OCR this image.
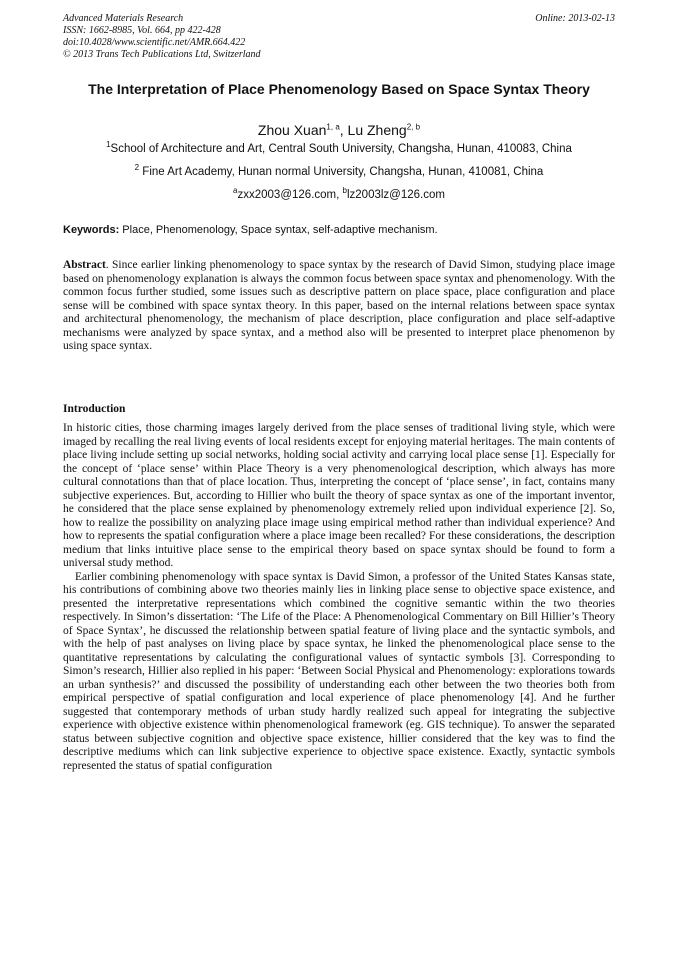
Advanced Materials Research
ISSN: 1662-8985, Vol. 664, pp 422-428
doi:10.4028/www.scientific.net/AMR.664.422
© 2013 Trans Tech Publications Ltd, Switzerland
Online: 2013-02-13
The Interpretation of Place Phenomenology Based on Space Syntax Theory
Zhou Xuan$^{1, a}$, Lu Zheng$^{2, b}$
$^1$School of Architecture and Art, Central South University, Changsha, Hunan, 410083, China
$^2$ Fine Art Academy, Hunan normal University, Changsha, Hunan, 410081, China
$^a$zxx2003@126.com, $^b$lz2003lz@126.com
Keywords: Place, Phenomenology, Space syntax, self-adaptive mechanism.

Abstract. Since earlier linking phenomenology to space syntax by the research of David Simon, studying place image based on phenomenology explanation is always the common focus between space syntax and phenomenology. With the common focus further studied, some issues such as descriptive pattern on place space, place configuration and place sense will be combined with space syntax theory. In this paper, based on the internal relations between space syntax and architectural phenomenology, the mechanism of place description, place configuration and place self-adaptive mechanisms were analyzed by space syntax, and a method also will be presented to interpret place phenomenon by using space syntax.

Introduction

In historic cities, those charming images largely derived from the place senses of traditional living style, which were imaged by recalling the real living events of local residents except for enjoying material heritages. The main contents of place living include setting up social networks, holding social activity and carrying local place sense [1]. Especially for the concept of ‘place sense’ within Place Theory is a very phenomenological description, which always has more cultural connotations than that of place location. Thus, interpreting the concept of ‘place sense’, in fact, contains many subjective experiences. But, according to Hillier who built the theory of space syntax as one of the important inventor, he considered that the place sense explained by phenomenology extremely relied upon individual experience [2]. So, how to realize the possibility on analyzing place image using empirical method rather than individual experience? And how to represents the spatial configuration where a place image been recalled? For these considerations, the description medium that links intuitive place sense to the empirical theory based on space syntax should be found to form a universal study method.

Earlier combining phenomenology with space syntax is David Simon, a professor of the United States Kansas state, his contributions of combining above two theories mainly lies in linking place sense to objective space existence, and presented the interpretative representations which combined the cognitive semantic within the two theories respectively. In Simon’s dissertation: ‘The Life of the Place: A Phenomenological Commentary on Bill Hillier’s Theory of Space Syntax’, he discussed the relationship between spatial feature of living place and the syntactic symbols, and with the help of past analyses on living place by space syntax, he linked the phenomenological place sense to the quantitative representations by calculating the configurational values of syntactic symbols [3]. Corresponding to Simon’s research, Hillier also replied in his paper: ‘Between Social Physical and Phenomenology: explorations towards an urban synthesis?’ and discussed the possibility of understanding each other between the two theories both from empirical perspective of spatial configuration and local experience of place phenomenology [4]. And he further suggested that contemporary methods of urban study hardly realized such appeal for integrating the subjective experience with objective existence within phenomenological framework (eg. GIS technique). To answer the separated status between subjective cognition and objective space existence, hillier considered that the key was to find the descriptive mediums which can link subjective experience to objective space existence. Exactly, syntactic symbols represented the status of spatial configuration
